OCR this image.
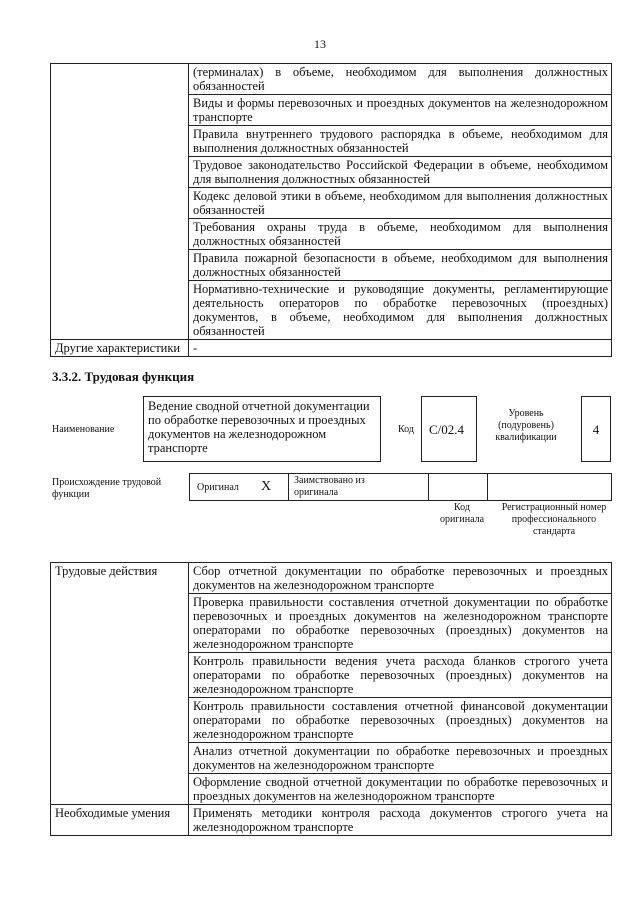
13
	(терминалах) в объеме, необходимом для выполнения должностных обязанностей
	Виды и формы перевозочных и проездных документов на железнодорожном транспорте
	Правила внутреннего трудового распорядка в объеме, необходимом для выполнения должностных обязанностей
	Трудовое законодательство Российской Федерации в объеме, необходимом для выполнения должностных обязанностей
	Кодекс деловой этики в объеме, необходимом для выполнения должностных обязанностей
	Требования охраны труда в объеме, необходимом для выполнения должностных обязанностей
	Правила пожарной безопасности в объеме, необходимом для выполнения должностных обязанностей
	Нормативно-технические и руководящие документы, регламентирующие деятельность операторов по обработке перевозочных (проездных) документов, в объеме, необходимом для выполнения должностных обязанностей
Другие характеристики	-
3.3.2. Трудовая функция
Наименование
Ведение сводной отчетной документации по обработке перевозочных и проездных документов на железнодорожном транспорте
Код	C/02.4
Уровень (подуровень) квалификации
4
Происхождение трудовой функции
Оригинал X Заимствовано из оригинала
Код оригинала
Регистрационный номер профессионального стандарта
Трудовые действия	Сбор отчетной документации по обработке перевозочных и проездных документов на железнодорожном транспорте
	Проверка правильности составления отчетной документации по обработке перевозочных и проездных документов на железнодорожном транспорте операторами по обработке перевозочных (проездных) документов на железнодорожном транспорте
	Контроль правильности ведения учета расхода бланков строгого учета операторами по обработке перевозочных (проездных) документов на железнодорожном транспорте
	Контроль правильности составления отчетной финансовой документации операторами по обработке перевозочных (проездных) документов на железнодорожном транспорте
	Анализ отчетной документации по обработке перевозочных и проездных документов на железнодорожном транспорте
	Оформление сводной отчетной документации по обработке перевозочных и проездных документов на железнодорожном транспорте
Необходимые умения	Применять методики контроля расхода документов строгого учета на железнодорожном транспорте
